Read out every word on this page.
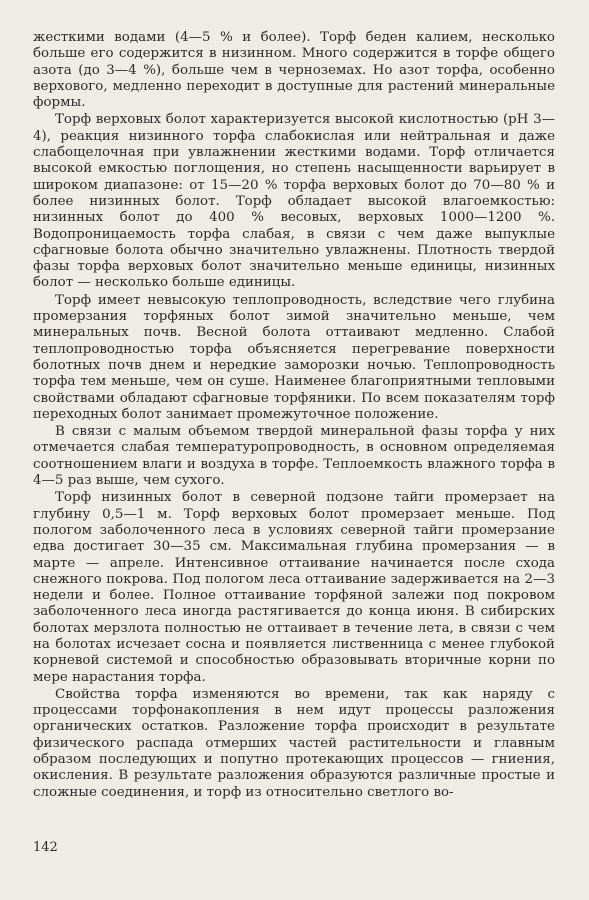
жесткими водами (4—5 % и более). Торф беден калием, несколько больше его содержится в низинном. Много содержится в торфе общего азота (до 3—4 %), больше чем в черноземах. Но азот торфа, особенно верхового, медленно переходит в доступные для растений минеральные формы.

Торф верховых болот характеризуется высокой кислотностью (рН 3—4), реакция низинного торфа слабокислая или нейтральная и даже слабощелочная при увлажнении жесткими водами. Торф отличается высокой емкостью поглощения, но степень насыщенности варьирует в широком диапазоне: от 15—20 % торфа верховых болот до 70—80 % и более низинных болот. Торф обладает высокой влагоемкостью: низинных болот до 400 % весовых, верховых 1000—1200 %. Водопроницаемость торфа слабая, в связи с чем даже выпуклые сфагновые болота обычно значительно увлажнены. Плотность твердой фазы торфа верховых болот значительно меньше единицы, низинных болот — несколько больше единицы.

Торф имеет невысокую теплопроводность, вследствие чего глубина промерзания торфяных болот зимой значительно меньше, чем минеральных почв. Весной болота оттаивают медленно. Слабой теплопроводностью торфа объясняется перегревание поверхности болотных почв днем и нередкие заморозки ночью. Теплопроводность торфа тем меньше, чем он суше. Наименее благоприятными тепловыми свойствами обладают сфагновые торфяники. По всем показателям торф переходных болот занимает промежуточное положение.

В связи с малым объемом твердой минеральной фазы торфа у них отмечается слабая температуропроводность, в основном определяемая соотношением влаги и воздуха в торфе. Теплоемкость влажного торфа в 4—5 раз выше, чем сухого.

Торф низинных болот в северной подзоне тайги промерзает на глубину 0,5—1 м. Торф верховых болот промерзает меньше. Под пологом заболоченного леса в условиях северной тайги промерзание едва достигает 30—35 см. Максимальная глубина промерзания — в марте — апреле. Интенсивное оттаивание начинается после схода снежного покрова. Под пологом леса оттаивание задерживается на 2—3 недели и более. Полное оттаивание торфяной залежи под покровом заболоченного леса иногда растягивается до конца июня. В сибирских болотах мерзлота полностью не оттаивает в течение лета, в связи с чем на болотах исчезает сосна и появляется лиственница с менее глубокой корневой системой и способностью образовывать вторичные корни по мере нарастания торфа.

Свойства торфа изменяются во времени, так как наряду с процессами торфонакопления в нем идут процессы разложения органических остатков. Разложение торфа происходит в результате физического распада отмерших частей растительности и главным образом последующих и попутно протекающих процессов — гниения, окисления. В результате разложения образуются различные простые и сложные соединения, и торф из относительно светлого во-

142
